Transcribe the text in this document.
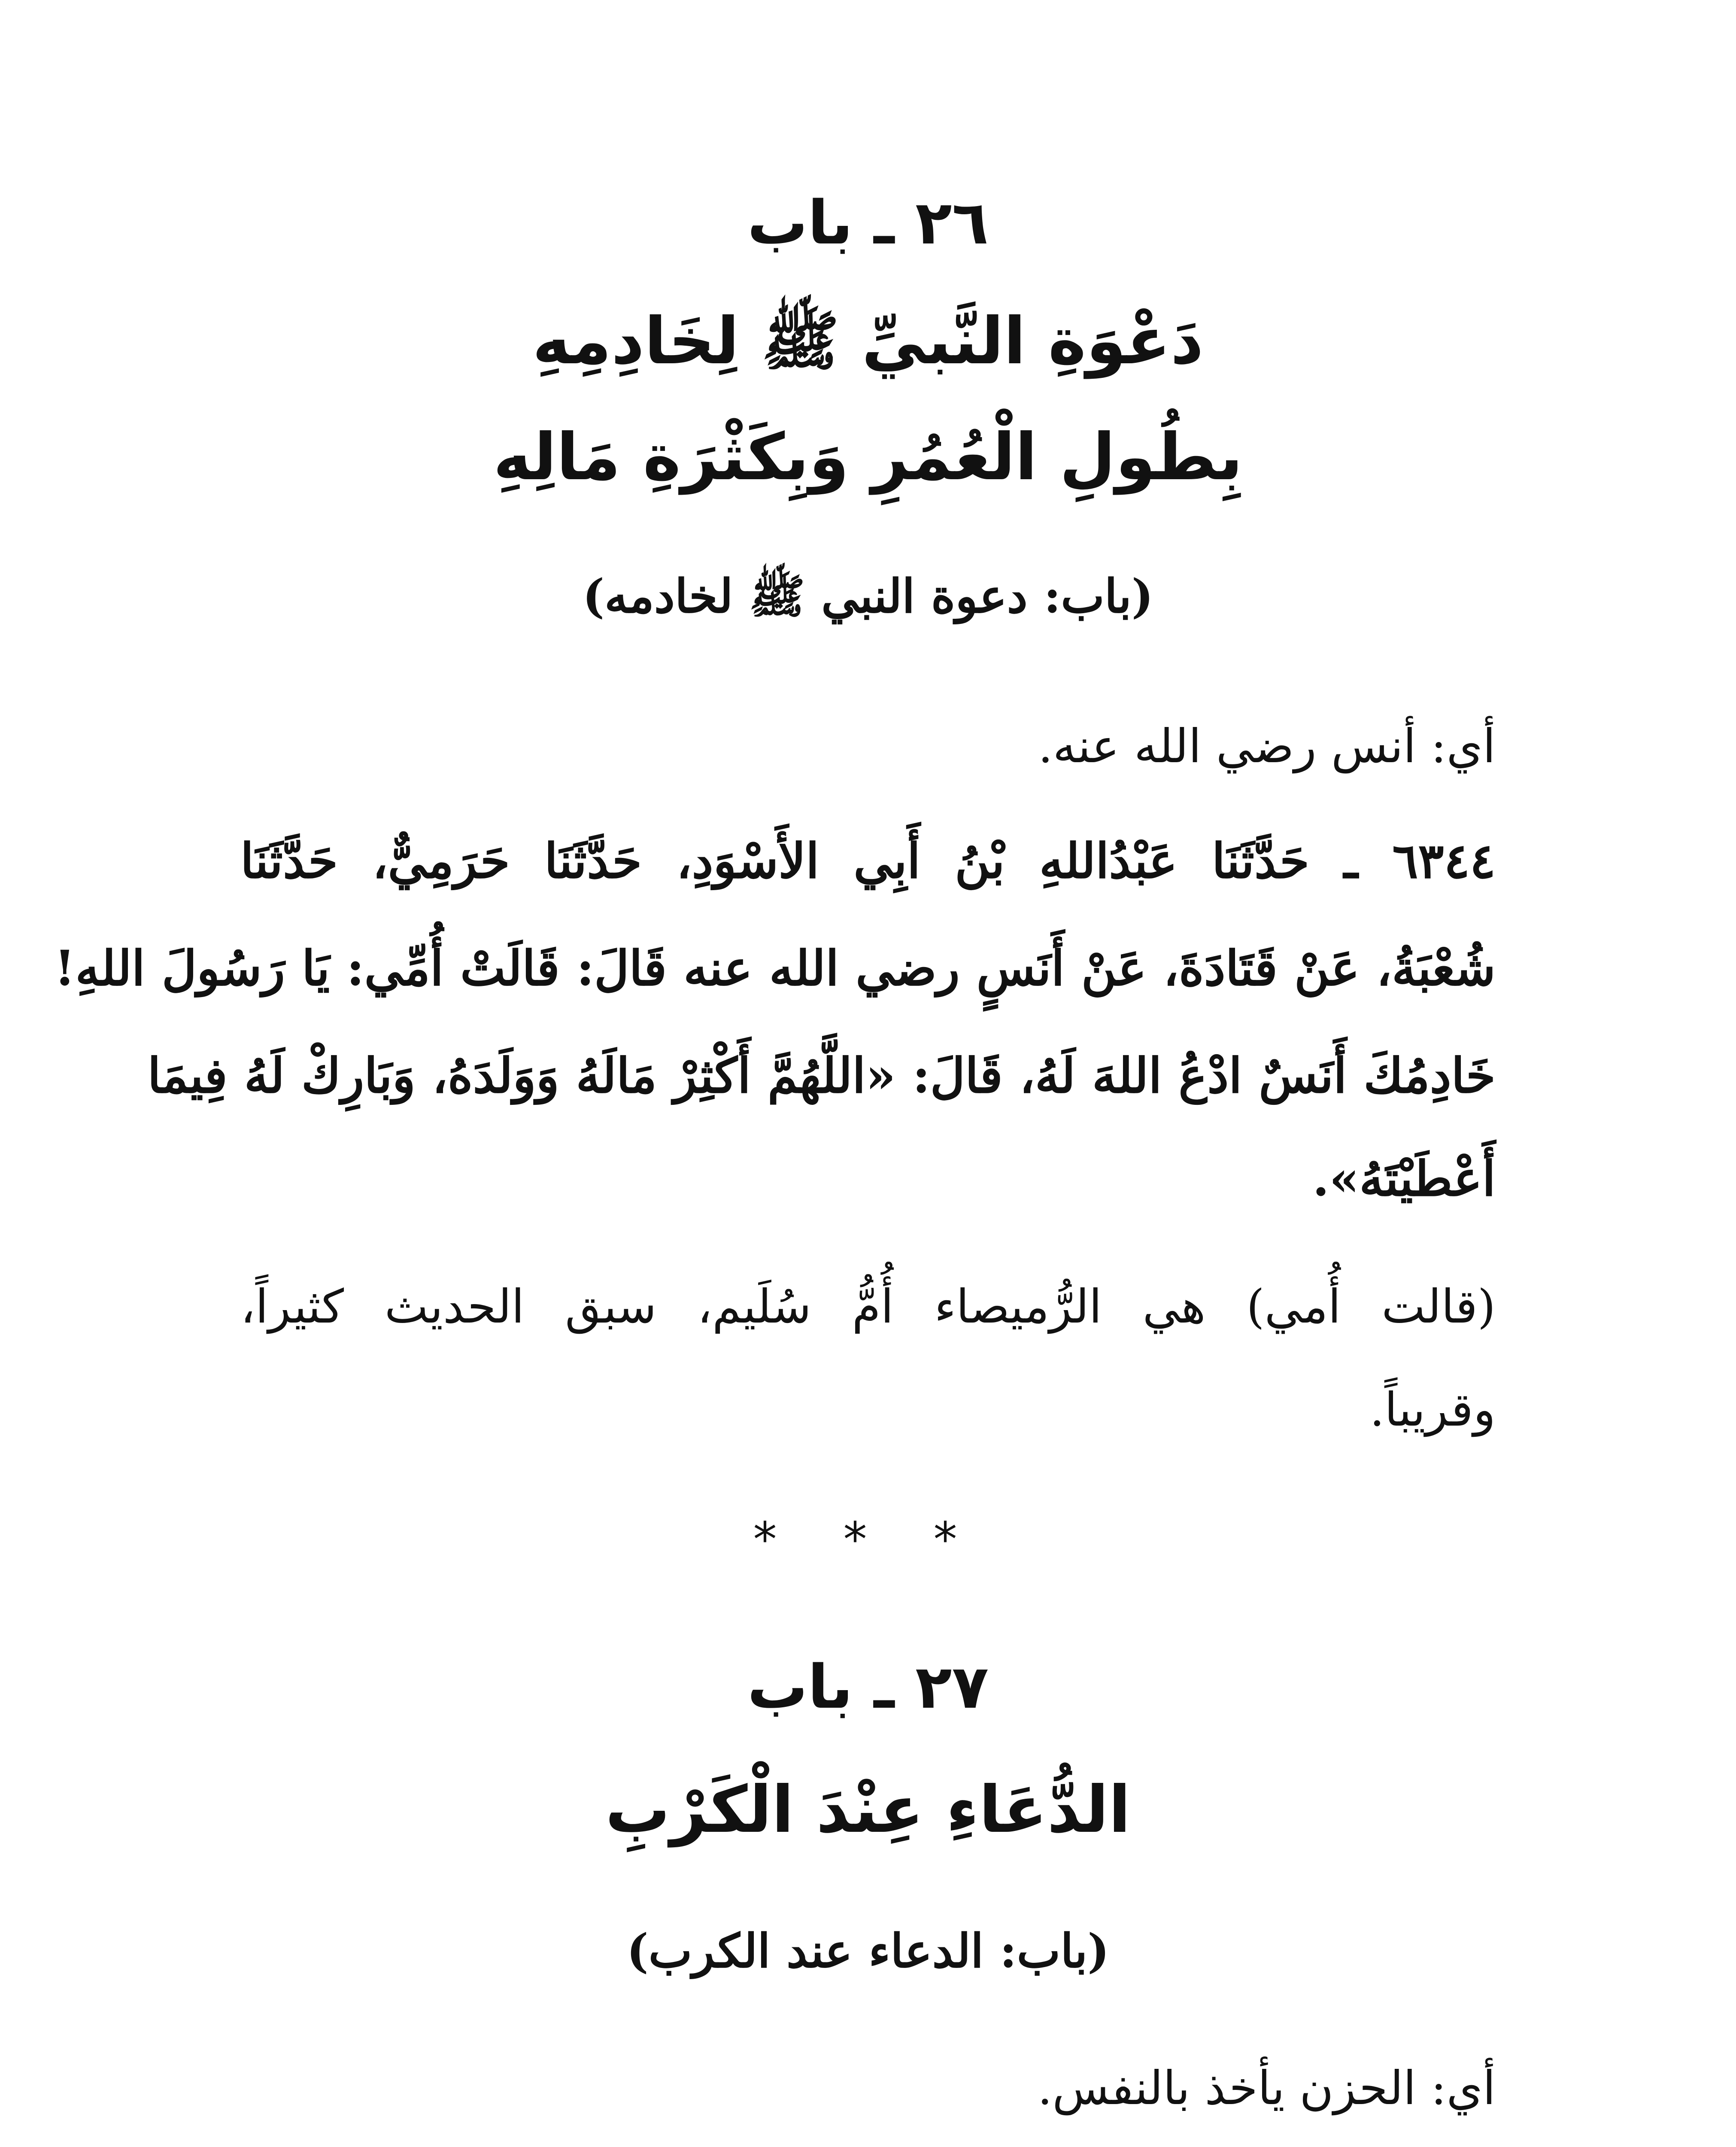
٢٦ ـ باب
دَعْوَةِ النَّبيِّ ﷺ لِخَادِمِهِ
بِطُولِ الْعُمُرِ وَبِكَثْرَةِ مَالِهِ
(باب: دعوة النبي ﷺ لخادمه)
أي: أنس رضي الله عنه.
٦٣٤٤ ـ حَدَّثَنَا عَبْدُاللهِ بْنُ أَبِي الأَسْوَدِ، حَدَّثَنَا حَرَمِيٌّ، حَدَّثَنَا
شُعْبَةُ، عَنْ قَتَادَةَ، عَنْ أَنَسٍ رضي الله عنه قَالَ: قَالَتْ أُمِّي: يَا رَسُولَ اللهِ!
خَادِمُكَ أَنَسٌ ادْعُ اللهَ لَهُ، قَالَ: «اللَّهُمَّ أَكْثِرْ مَالَهُ وَوَلَدَهُ، وَبَارِكْ لَهُ فِيمَا
أَعْطَيْتَهُ».
(قالت أُمي) هي الرُّميصاء أُمُّ سُلَيم، سبق الحديث كثيراً،
وقريباً.
* * *
٢٧ ـ باب
الدُّعَاءِ عِنْدَ الْكَرْبِ
(باب: الدعاء عند الكرب)
أي: الحزن يأخذ بالنفس.
